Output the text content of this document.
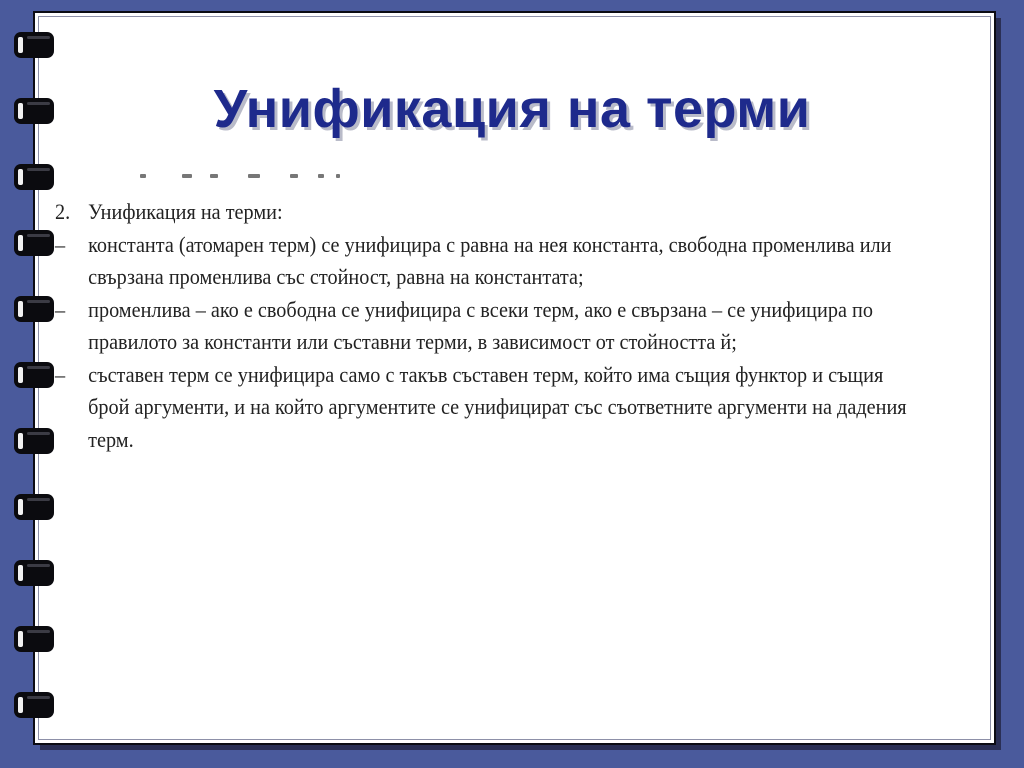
Унификация на терми
2. Унификация на терми:
–	константа (атомарен терм) се унифицира с равна на нея константа, свободна променлива или
свързана променлива със стойност, равна на константата;
–	променлива – ако е свободна се унифицира с всеки терм, ако е свързана – се унифицира по
правилото за константи или съставни терми, в зависимост от стойността й;
–	съставен терм се унифицира само с такъв съставен терм, който има същия функтор и същия
брой аргументи, и на който аргументите се унифицират със съответните аргументи на дадения
терм.
